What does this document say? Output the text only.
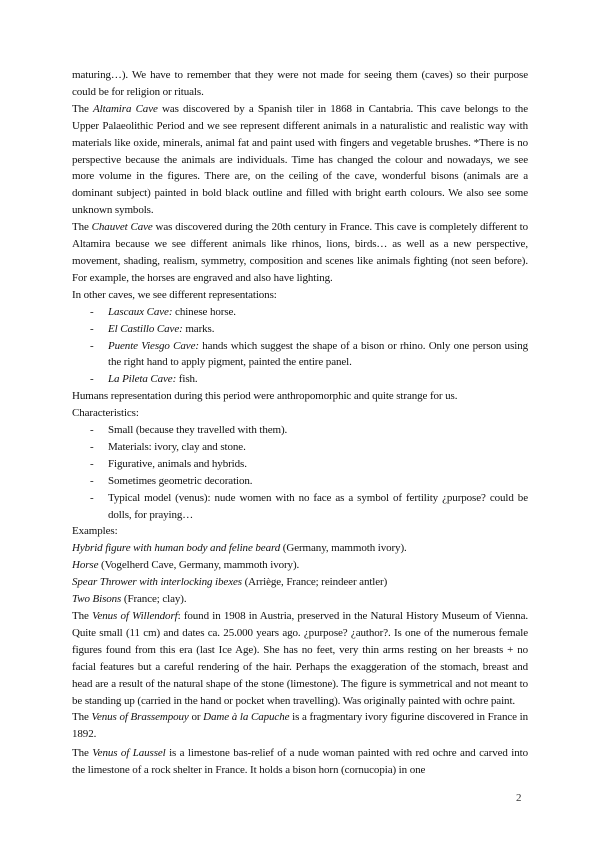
maturing…). We have to remember that they were not made for seeing them (caves) so their purpose could be for religion or rituals.

The Altamira Cave was discovered by a Spanish tiler in 1868 in Cantabria. This cave belongs to the Upper Palaeolithic Period and we see represent different animals in a naturalistic and realistic way with materials like oxide, minerals, animal fat and paint used with fingers and vegetable brushes. *There is no perspective because the animals are individuals. Time has changed the colour and nowadays, we see more volume in the figures. There are, on the ceiling of the cave, wonderful bisons (animals are a dominant subject) painted in bold black outline and filled with bright earth colours. We also see some unknown symbols.

The Chauvet Cave was discovered during the 20th century in France. This cave is completely different to Altamira because we see different animals like rhinos, lions, birds… as well as a new perspective, movement, shading, realism, symmetry, composition and scenes like animals fighting (not seen before). For example, the horses are engraved and also have lighting.

In other caves, we see different representations:

- Lascaux Cave: chinese horse.
- El Castillo Cave: marks.
- Puente Viesgo Cave: hands which suggest the shape of a bison or rhino. Only one person using the right hand to apply pigment, painted the entire panel.
- La Pileta Cave: fish.

Humans representation during this period were anthropomorphic and quite strange for us.

Characteristics:

- Small (because they travelled with them).
- Materials: ivory, clay and stone.
- Figurative, animals and hybrids.
- Sometimes geometric decoration.
- Typical model (venus): nude women with no face as a symbol of fertility ¿purpose? could be dolls, for praying…

Examples:

Hybrid figure with human body and feline beard (Germany, mammoth ivory).

Horse (Vogelherd Cave, Germany, mammoth ivory).

Spear Thrower with interlocking ibexes (Arriège, France; reindeer antler)

Two Bisons (France; clay).

The Venus of Willendorf: found in 1908 in Austria, preserved in the Natural History Museum of Vienna. Quite small (11 cm) and dates ca. 25.000 years ago. ¿purpose? ¿author?. Is one of the numerous female figures found from this era (last Ice Age). She has no feet, very thin arms resting on her breasts + no facial features but a careful rendering of the hair. Perhaps the exaggeration of the stomach, breast and head are a result of the natural shape of the stone (limestone). The figure is symmetrical and not meant to be standing up (carried in the hand or pocket when travelling). Was originally painted with ochre paint.

The Venus of Brassempouy or Dame à la Capuche is a fragmentary ivory figurine discovered in France in 1892.

The Venus of Laussel is a limestone bas-relief of a nude woman painted with red ochre and carved into the limestone of a rock shelter in France. It holds a bison horn (cornucopia) in one

2
